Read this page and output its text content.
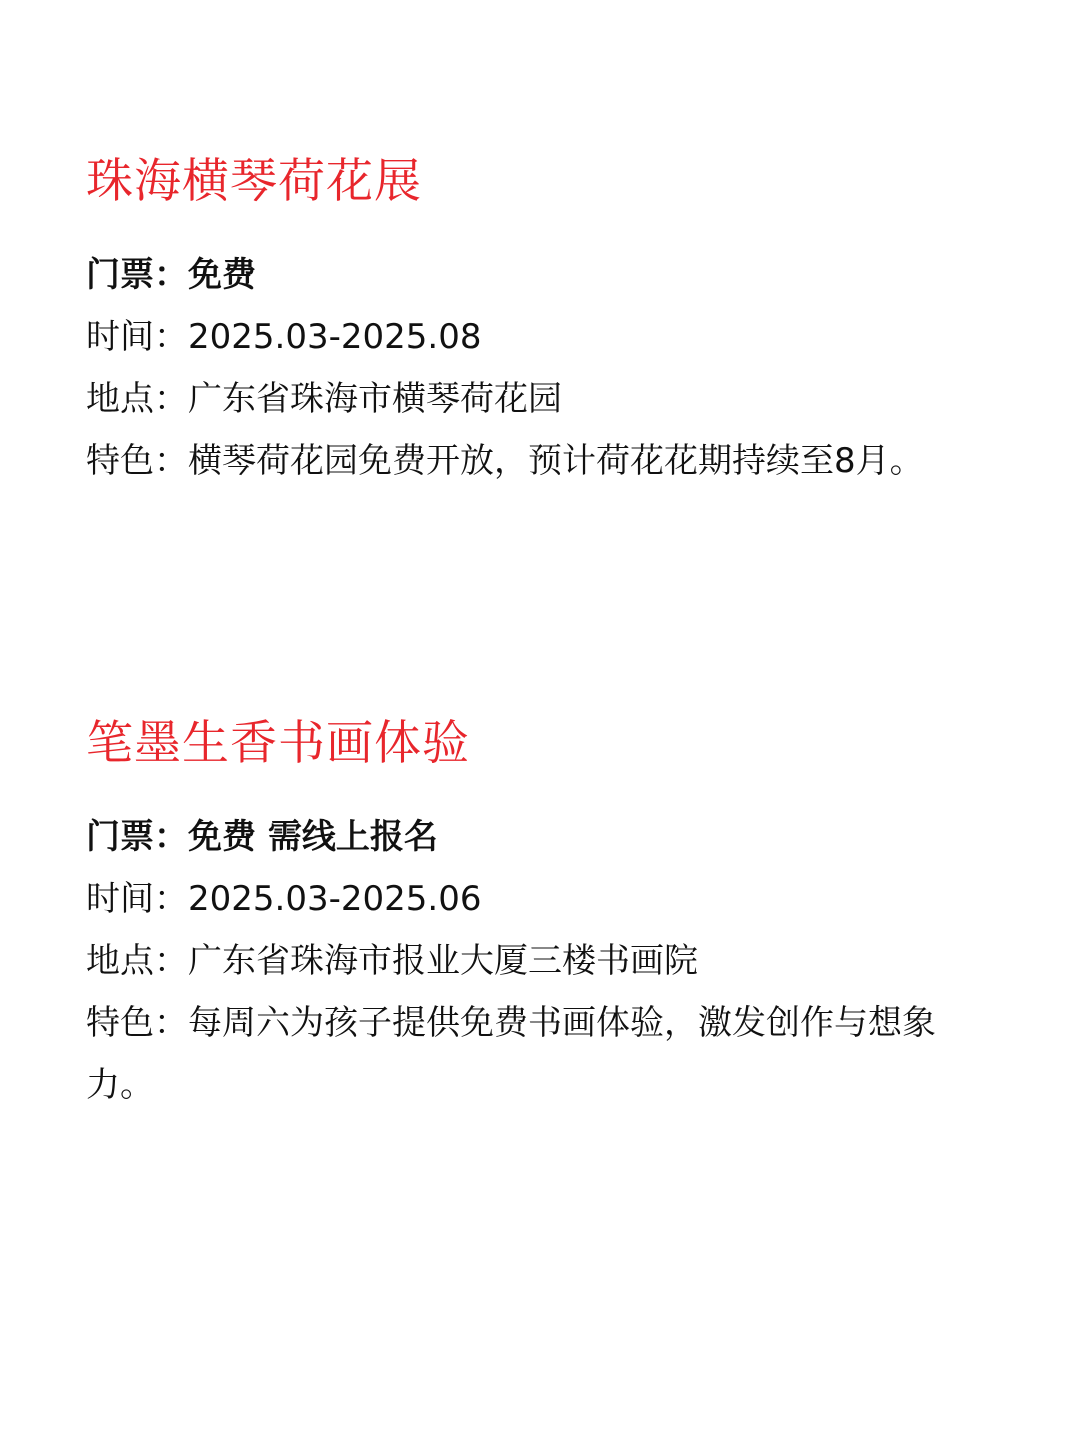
珠海横琴荷花展

门票：免费

时间：2025.03-2025.08

地点：广东省珠海市横琴荷花园

特色：横琴荷花园免费开放，预计荷花花期持续至8月。

笔墨生香书画体验

门票：免费 需线上报名

时间：2025.03-2025.06

地点：广东省珠海市报业大厦三楼书画院

特色：每周六为孩子提供免费书画体验，激发创作与想象力。
